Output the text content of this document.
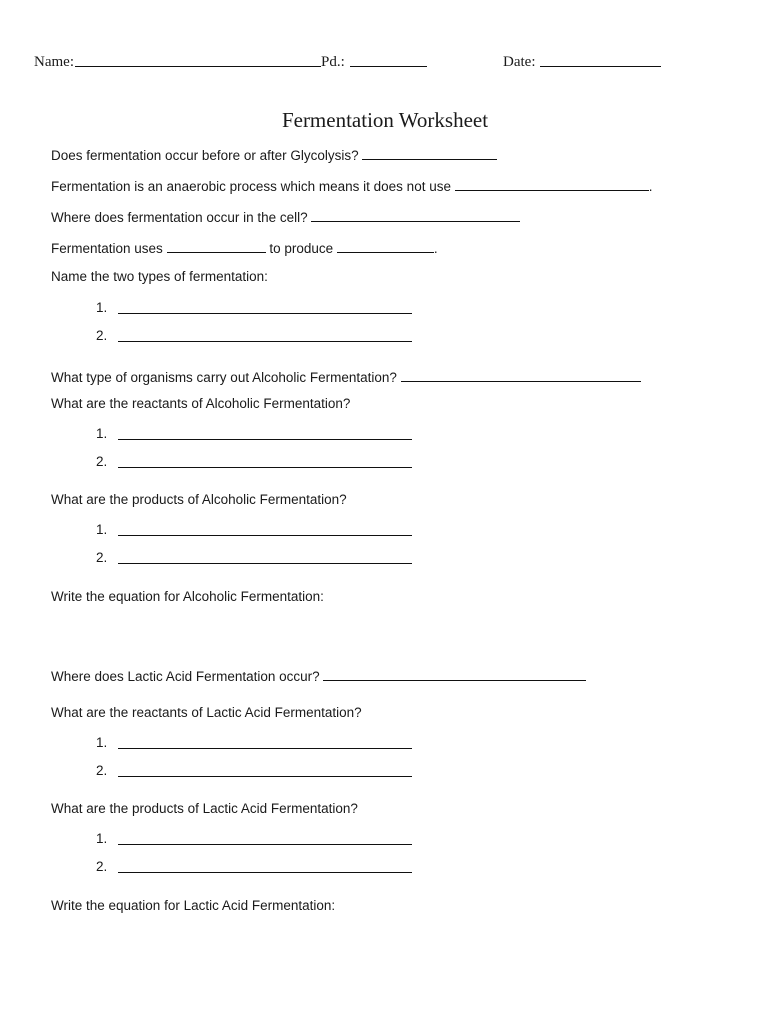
Name:	Pd.:	Date:
Fermentation Worksheet
Does fermentation occur before or after Glycolysis?
Fermentation is an anaerobic process which means it does not use	.
Where does fermentation occur in the cell?
Fermentation uses	to produce	.
Name the two types of fermentation:
1.
2.
What type of organisms carry out Alcoholic Fermentation?
What are the reactants of Alcoholic Fermentation?
1.
2.
What are the products of Alcoholic Fermentation?
1.
2.
Write the equation for Alcoholic Fermentation:
Where does Lactic Acid Fermentation occur?
What are the reactants of Lactic Acid Fermentation?
1.
2.
What are the products of Lactic Acid Fermentation?
1.
2.
Write the equation for Lactic Acid Fermentation:
